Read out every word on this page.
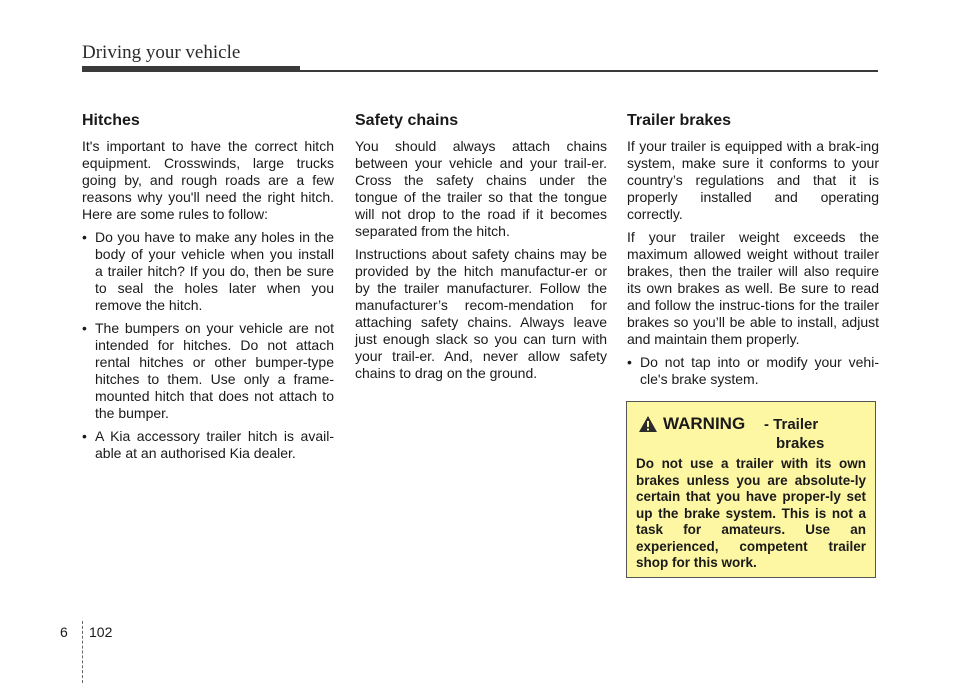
Driving your vehicle
Hitches

It's important to have the correct hitch equipment. Crosswinds, large trucks going by, and rough roads are a few reasons why you'll need the right hitch. Here are some rules to follow:

• Do you have to make any holes in the body of your vehicle when you install a trailer hitch? If you do, then be sure to seal the holes later when you remove the hitch.
• The bumpers on your vehicle are not intended for hitches. Do not attach rental hitches or other bumper-type hitches to them. Use only a frame-mounted hitch that does not attach to the bumper.
• A Kia accessory trailer hitch is avail-able at an authorised Kia dealer.
Safety chains

You should always attach chains between your vehicle and your trail-er. Cross the safety chains under the tongue of the trailer so that the tongue will not drop to the road if it becomes separated from the hitch.

Instructions about safety chains may be provided by the hitch manufactur-er or by the trailer manufacturer. Follow the manufacturer’s recom-mendation for attaching safety chains. Always leave just enough slack so you can turn with your trail-er. And, never allow safety chains to drag on the ground.

Trailer brakes

If your trailer is equipped with a brak-ing system, make sure it conforms to your country’s regulations and that it is properly installed and operating correctly.

If your trailer weight exceeds the maximum allowed weight without trailer brakes, then the trailer will also require its own brakes as well. Be sure to read and follow the instruc-tions for the trailer brakes so you’ll be able to install, adjust and maintain them properly.

• Do not tap into or modify your vehi-cle's brake system.
WARNING - Trailer
brakes

Do not use a trailer with its own brakes unless you are absolute-ly certain that you have proper-ly set up the brake system. This is not a task for amateurs. Use an experienced, competent trailer shop for this work.

6 102
